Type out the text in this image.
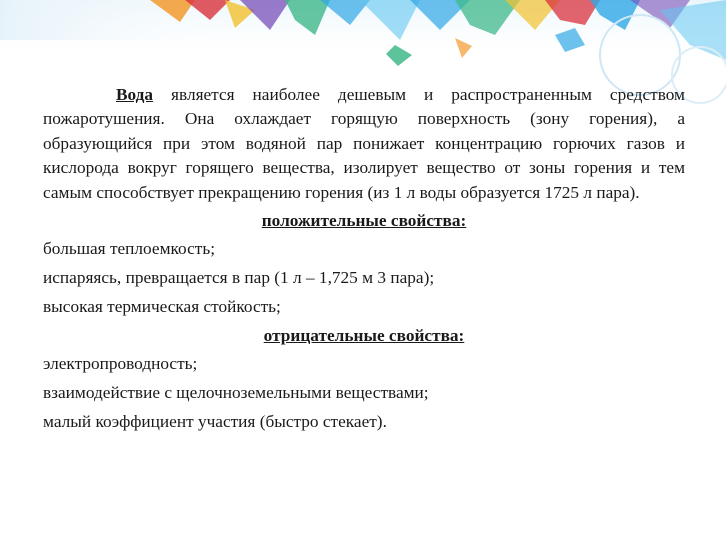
Вода является наиболее дешевым и распространенным средством пожаротушения. Она охлаждает горящую поверхность (зону горения), а образующийся при этом водяной пар понижает концентрацию горючих газов и кислорода вокруг горящего вещества, изолирует вещество от зоны горения и тем самым способствует прекращению горения (из 1 л воды образуется 1725 л пара).

положительные свойства:
большая теплоемкость;
испаряясь, превращается в пар (1 л – 1,725 м 3 пара);
высокая термическая стойкость;
отрицательные свойства:
электропроводность;
взаимодействие с щелочноземельными веществами;
малый коэффициент участия (быстро стекает).
